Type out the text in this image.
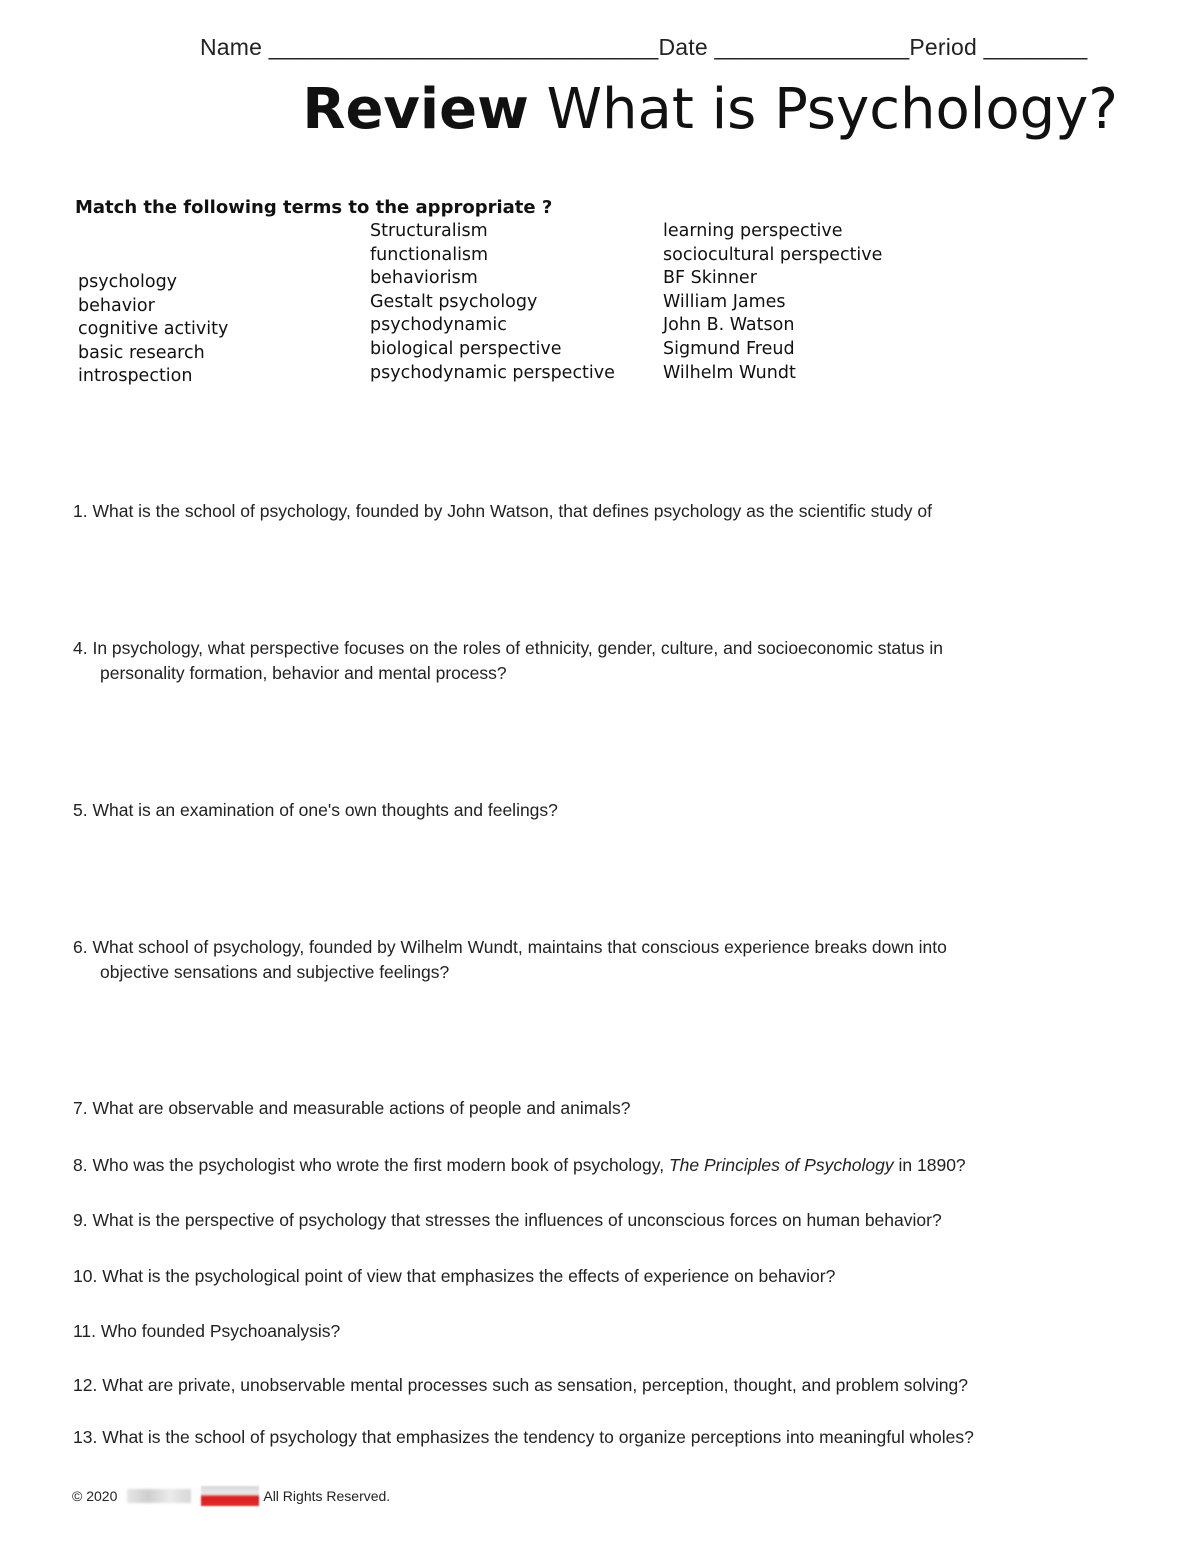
Name ______________________________Date _______________Period ________
Review What is Psychology?
Match the following terms to the appropriate ?
psychology
behavior
cognitive activity
basic research
introspection
Structuralism
functionalism
behaviorism
Gestalt psychology
psychodynamic
biological perspective
psychodynamic perspective
learning perspective
sociocultural perspective
BF Skinner
William James
John B. Watson
Sigmund Freud
Wilhelm Wundt
1. What is the school of psychology, founded by John Watson, that defines psychology as the scientific study of
4. In psychology, what perspective focuses on the roles of ethnicity, gender, culture, and socioeconomic status in
personality formation, behavior and mental process?
5. What is an examination of one's own thoughts and feelings?
6. What school of psychology, founded by Wilhelm Wundt, maintains that conscious experience breaks down into
objective sensations and subjective feelings?
7. What are observable and measurable actions of people and animals?
8. Who was the psychologist who wrote the first modern book of psychology, The Principles of Psychology in 1890?
9. What is the perspective of psychology that stresses the influences of unconscious forces on human behavior?
10. What is the psychological point of view that emphasizes the effects of experience on behavior?
11. Who founded Psychoanalysis?
12. What are private, unobservable mental processes such as sensation, perception, thought, and problem solving?
13. What is the school of psychology that emphasizes the tendency to organize perceptions into meaningful wholes?
© 2020	All Rights Reserved.
